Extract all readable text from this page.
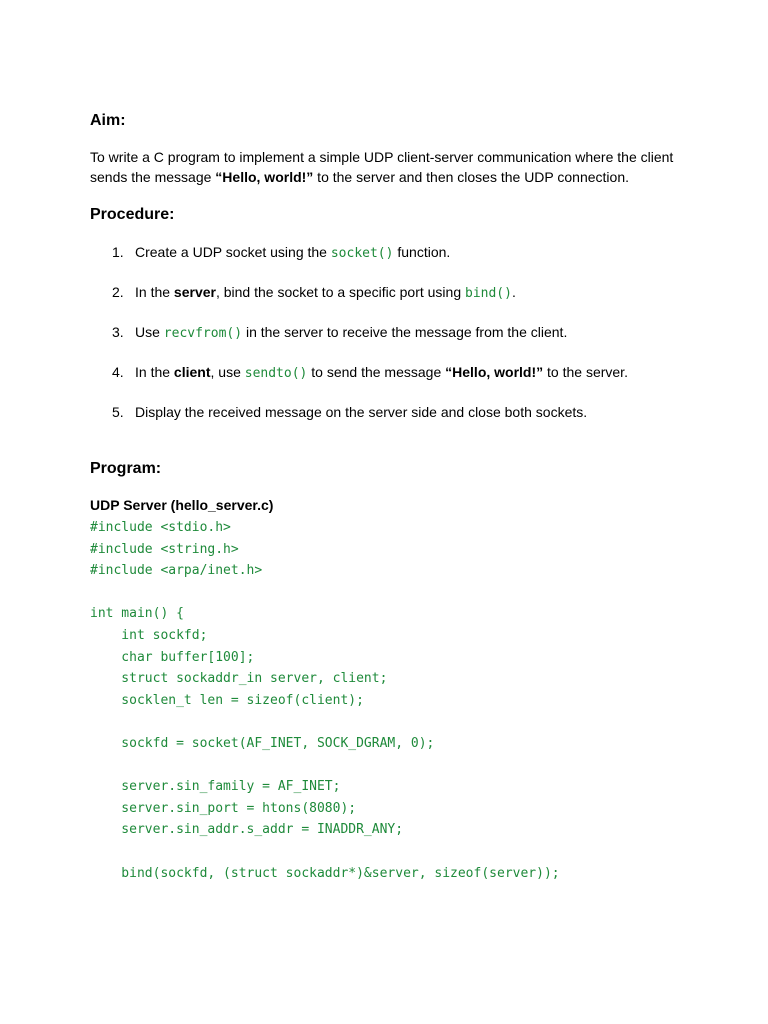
Aim:
To write a C program to implement a simple UDP client-server communication where the client sends the message “Hello, world!” to the server and then closes the UDP connection.
Procedure:
1. Create a UDP socket using the socket() function.
2. In the server, bind the socket to a specific port using bind().
3. Use recvfrom() in the server to receive the message from the client.
4. In the client, use sendto() to send the message “Hello, world!” to the server.
5. Display the received message on the server side and close both sockets.
Program:
UDP Server (hello_server.c)
#include <stdio.h>
#include <string.h>
#include <arpa/inet.h>

int main() {
int sockfd;
char buffer[100];
struct sockaddr_in server, client;
socklen_t len = sizeof(client);

sockfd = socket(AF_INET, SOCK_DGRAM, 0);

server.sin_family = AF_INET;
server.sin_port = htons(8080);
server.sin_addr.s_addr = INADDR_ANY;

bind(sockfd, (struct sockaddr*)&server, sizeof(server));
